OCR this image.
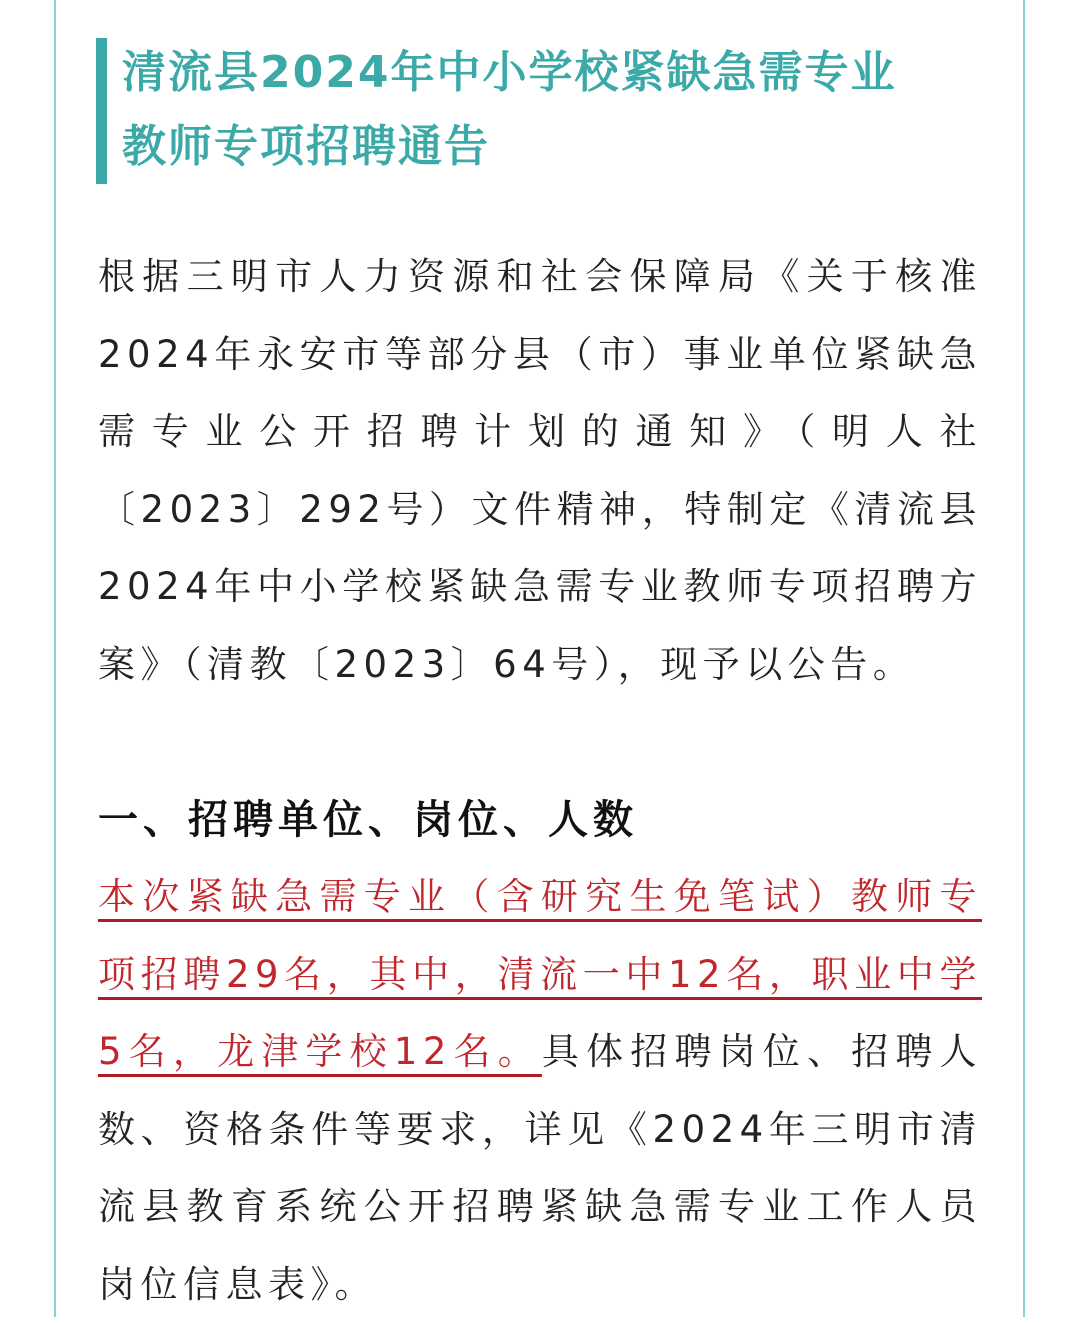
清流县2024年中小学校紧缺急需专业
教师专项招聘通告

根据三明市人力资源和社会保障局《关于核准2024年永安市等部分县（市）事业单位紧缺急需专业公开招聘计划的通知》（明人社〔2023〕292号）文件精神，特制定《清流县2024年中小学校紧缺急需专业教师专项招聘方案》（清教〔2023〕64号），现予以公告。

一、招聘单位、岗位、人数

本次紧缺急需专业（含研究生免笔试）教师专项招聘29名，其中，清流一中12名，职业中学5名，龙津学校12名。具体招聘岗位、招聘人数、资格条件等要求，详见《2024年三明市清流县教育系统公开招聘紧缺急需专业工作人员岗位信息表》。
